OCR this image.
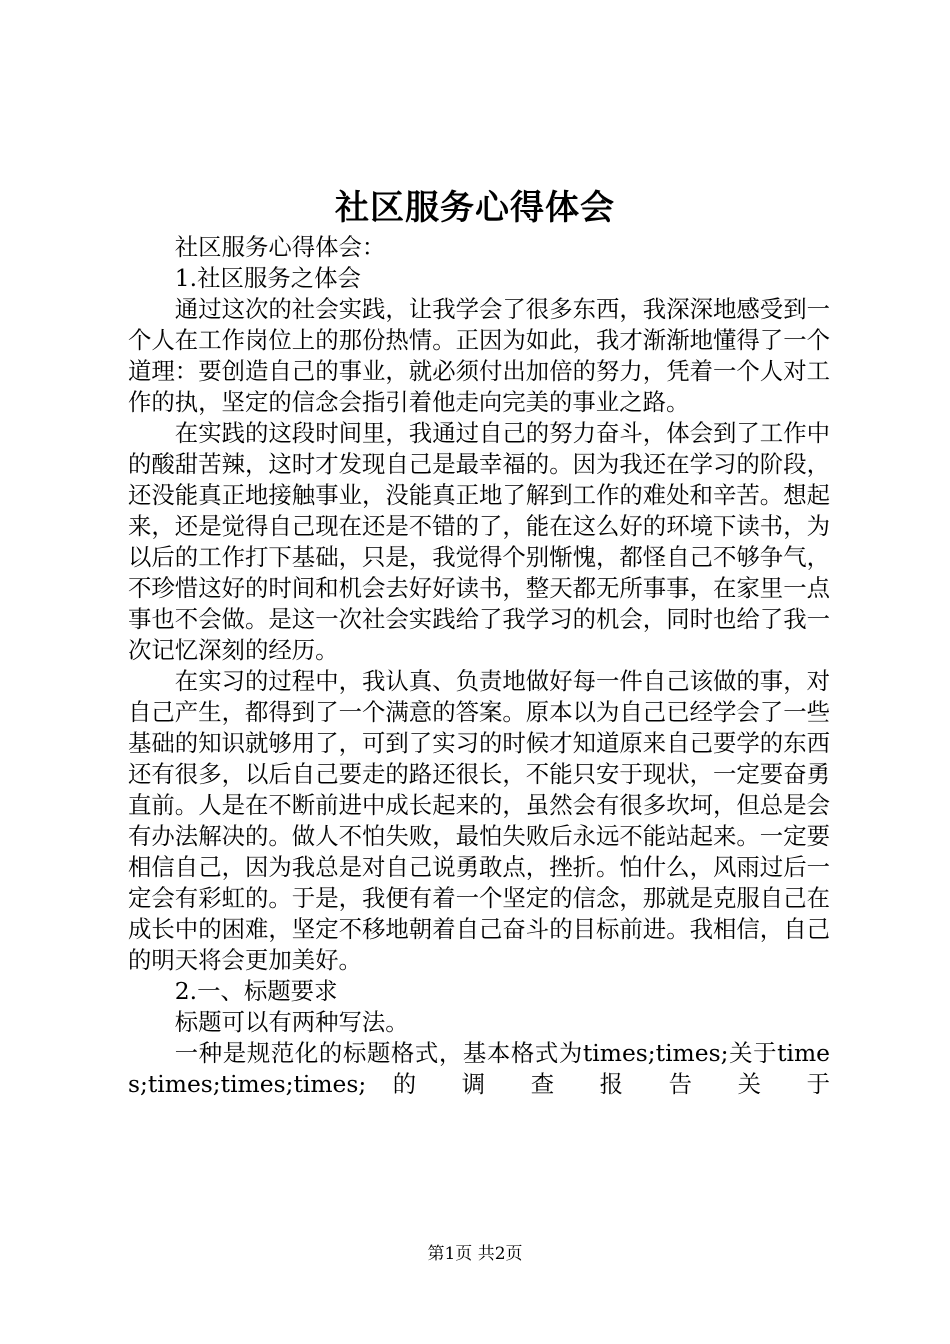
社区服务心得体会

社区服务心得体会：

1.社区服务之体会

通过这次的社会实践，让我学会了很多东西，我深深地感受到一个人在工作岗位上的那份热情。正因为如此，我才渐渐地懂得了一个道理：要创造自己的事业，就必须付出加倍的努力，凭着一个人对工作的执，坚定的信念会指引着他走向完美的事业之路。

在实践的这段时间里，我通过自己的努力奋斗，体会到了工作中的酸甜苦辣，这时才发现自己是最幸福的。因为我还在学习的阶段，还没能真正地接触事业，没能真正地了解到工作的难处和辛苦。想起来，还是觉得自己现在还是不错的了，能在这么好的环境下读书，为以后的工作打下基础，只是，我觉得个别惭愧，都怪自己不够争气，不珍惜这好的时间和机会去好好读书，整天都无所事事，在家里一点事也不会做。是这一次社会实践给了我学习的机会，同时也给了我一次记忆深刻的经历。

在实习的过程中，我认真、负责地做好每一件自己该做的事，对自己产生，都得到了一个满意的答案。原本以为自己已经学会了一些基础的知识就够用了，可到了实习的时候才知道原来自己要学的东西还有很多，以后自己要走的路还很长，不能只安于现状，一定要奋勇直前。人是在不断前进中成长起来的，虽然会有很多坎坷，但总是会有办法解决的。做人不怕失败，最怕失败后永远不能站起来。一定要相信自己，因为我总是对自己说勇敢点，挫折。怕什么，风雨过后一定会有彩虹的。于是，我便有着一个坚定的信念，那就是克服自己在成长中的困难，坚定不移地朝着自己奋斗的目标前进。我相信，自己的明天将会更加美好。

2.一、标题要求

标题可以有两种写法。

一种是规范化的标题格式，基本格式为times;times;关于times;times;times;times; 的 调 查 报 告 关 于

第1页 共2页
